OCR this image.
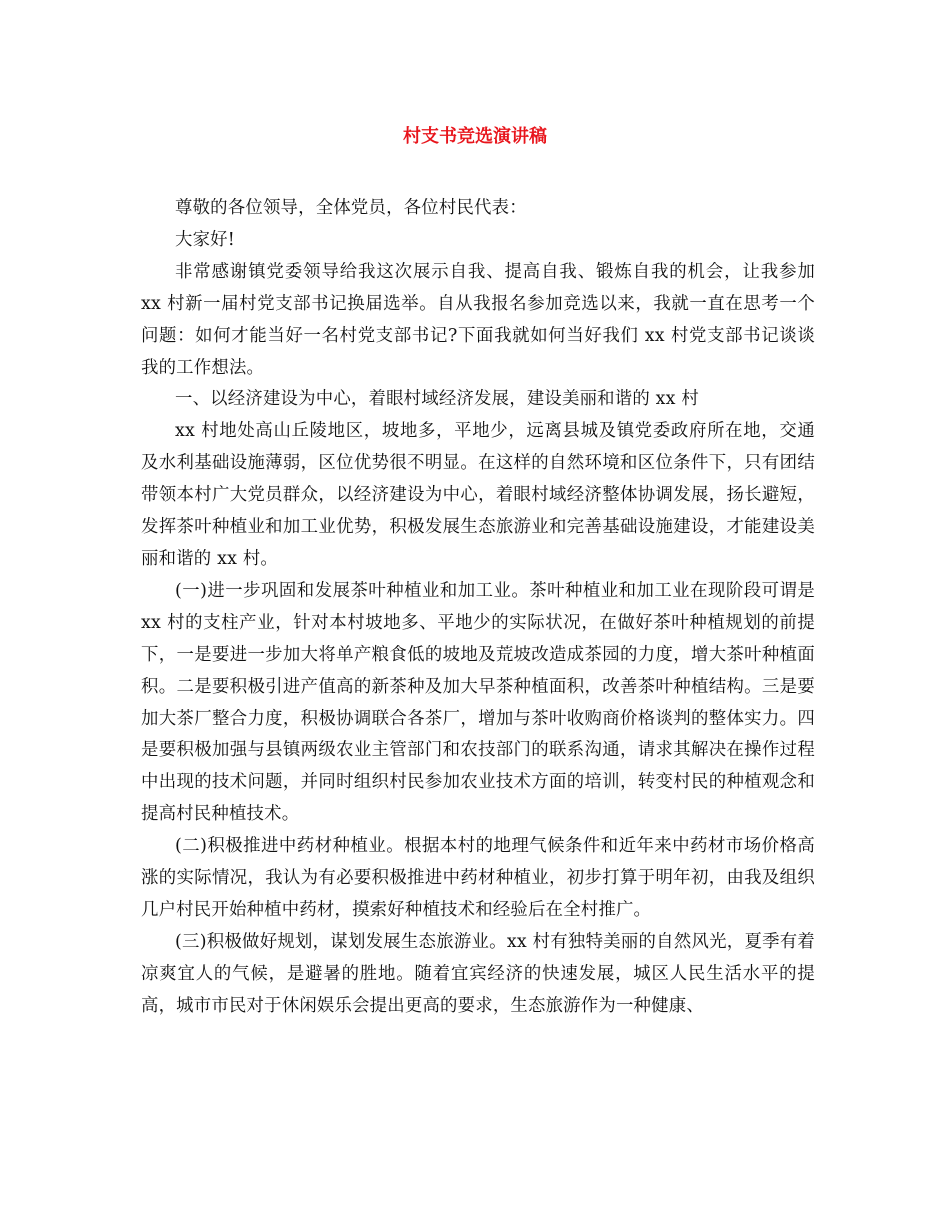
村支书竞选演讲稿

尊敬的各位领导，全体党员，各位村民代表：

大家好!

非常感谢镇党委领导给我这次展示自我、提高自我、锻炼自我的机会，让我参加 xx 村新一届村党支部书记换届选举。自从我报名参加竞选以来，我就一直在思考一个问题：如何才能当好一名村党支部书记?下面我就如何当好我们 xx 村党支部书记谈谈我的工作想法。

一、以经济建设为中心，着眼村域经济发展，建设美丽和谐的 xx 村

xx 村地处高山丘陵地区，坡地多，平地少，远离县城及镇党委政府所在地，交通及水利基础设施薄弱，区位优势很不明显。在这样的自然环境和区位条件下，只有团结带领本村广大党员群众，以经济建设为中心，着眼村域经济整体协调发展，扬长避短，发挥茶叶种植业和加工业优势，积极发展生态旅游业和完善基础设施建设，才能建设美丽和谐的 xx 村。

(一)进一步巩固和发展茶叶种植业和加工业。茶叶种植业和加工业在现阶段可谓是 xx 村的支柱产业，针对本村坡地多、平地少的实际状况，在做好茶叶种植规划的前提下，一是要进一步加大将单产粮食低的坡地及荒坡改造成茶园的力度，增大茶叶种植面积。二是要积极引进产值高的新茶种及加大早茶种植面积，改善茶叶种植结构。三是要加大茶厂整合力度，积极协调联合各茶厂，增加与茶叶收购商价格谈判的整体实力。四是要积极加强与县镇两级农业主管部门和农技部门的联系沟通，请求其解决在操作过程中出现的技术问题，并同时组织村民参加农业技术方面的培训，转变村民的种植观念和提高村民种植技术。

(二)积极推进中药材种植业。根据本村的地理气候条件和近年来中药材市场价格高涨的实际情况，我认为有必要积极推进中药材种植业，初步打算于明年初，由我及组织几户村民开始种植中药材，摸索好种植技术和经验后在全村推广。

(三)积极做好规划，谋划发展生态旅游业。xx 村有独特美丽的自然风光，夏季有着凉爽宜人的气候，是避暑的胜地。随着宜宾经济的快速发展，城区人民生活水平的提高，城市市民对于休闲娱乐会提出更高的要求，生态旅游作为一种健康、
